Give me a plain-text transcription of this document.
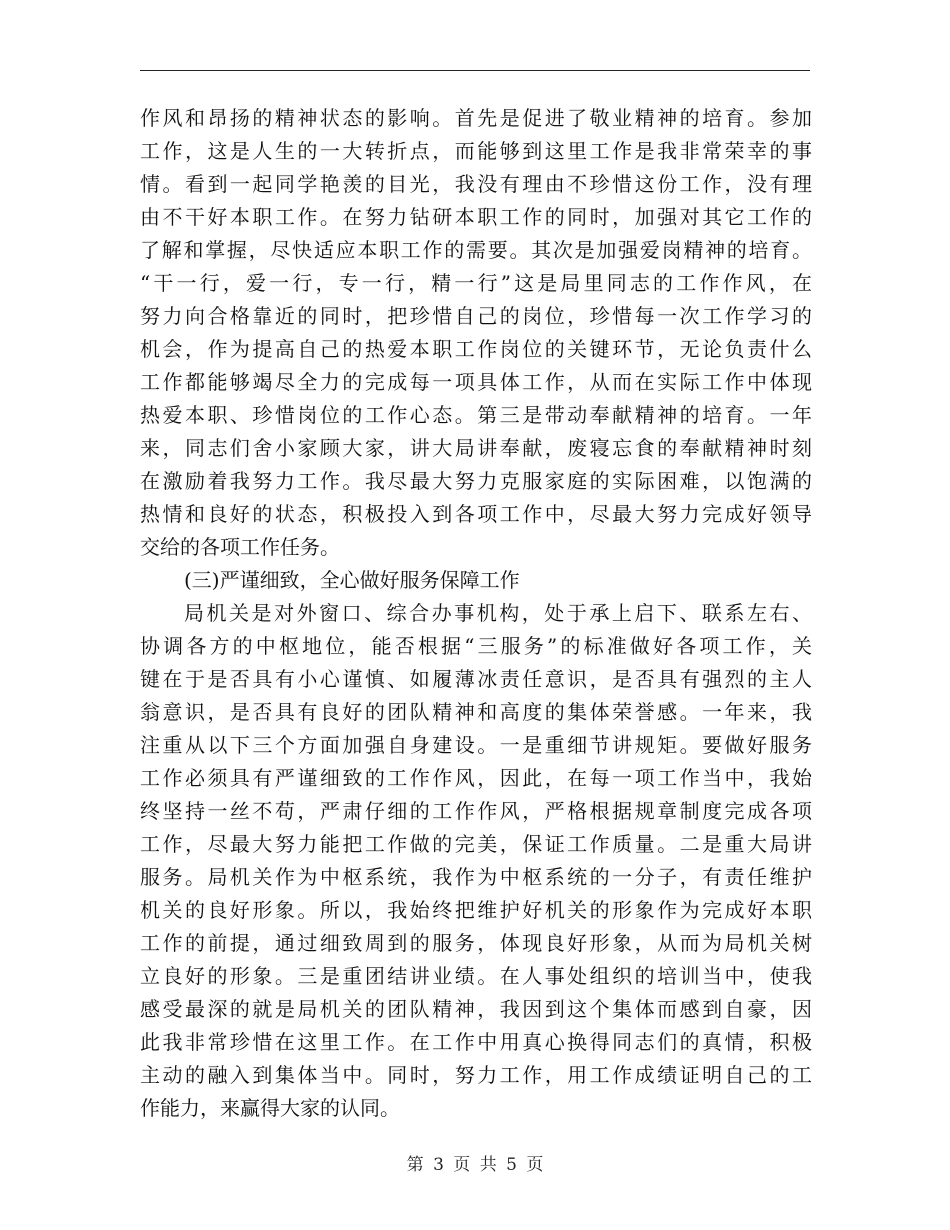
作风和昂扬的精神状态的影响。首先是促进了敬业精神的培育。参加
工作，这是人生的一大转折点，而能够到这里工作是我非常荣幸的事
情。看到一起同学艳羡的目光，我没有理由不珍惜这份工作，没有理
由不干好本职工作。在努力钻研本职工作的同时，加强对其它工作的
了解和掌握，尽快适应本职工作的需要。其次是加强爱岗精神的培育。
“干一行，爱一行，专一行，精一行”这是局里同志的工作作风，在
努力向合格靠近的同时，把珍惜自己的岗位，珍惜每一次工作学习的
机会，作为提高自己的热爱本职工作岗位的关键环节，无论负责什么
工作都能够竭尽全力的完成每一项具体工作，从而在实际工作中体现
热爱本职、珍惜岗位的工作心态。第三是带动奉献精神的培育。一年
来，同志们舍小家顾大家，讲大局讲奉献，废寝忘食的奉献精神时刻
在激励着我努力工作。我尽最大努力克服家庭的实际困难，以饱满的
热情和良好的状态，积极投入到各项工作中，尽最大努力完成好领导
交给的各项工作任务。
(三)严谨细致，全心做好服务保障工作
局机关是对外窗口、综合办事机构，处于承上启下、联系左右、
协调各方的中枢地位，能否根据“三服务”的标准做好各项工作，关
键在于是否具有小心谨慎、如履薄冰责任意识，是否具有强烈的主人
翁意识，是否具有良好的团队精神和高度的集体荣誉感。一年来，我
注重从以下三个方面加强自身建设。一是重细节讲规矩。要做好服务
工作必须具有严谨细致的工作作风，因此，在每一项工作当中，我始
终坚持一丝不苟，严肃仔细的工作作风，严格根据规章制度完成各项
工作，尽最大努力能把工作做的完美，保证工作质量。二是重大局讲
服务。局机关作为中枢系统，我作为中枢系统的一分子，有责任维护
机关的良好形象。所以，我始终把维护好机关的形象作为完成好本职
工作的前提，通过细致周到的服务，体现良好形象，从而为局机关树
立良好的形象。三是重团结讲业绩。在人事处组织的培训当中，使我
感受最深的就是局机关的团队精神，我因到这个集体而感到自豪，因
此我非常珍惜在这里工作。在工作中用真心换得同志们的真情，积极
主动的融入到集体当中。同时，努力工作，用工作成绩证明自己的工
作能力，来赢得大家的认同。
第 3 页 共 5 页
